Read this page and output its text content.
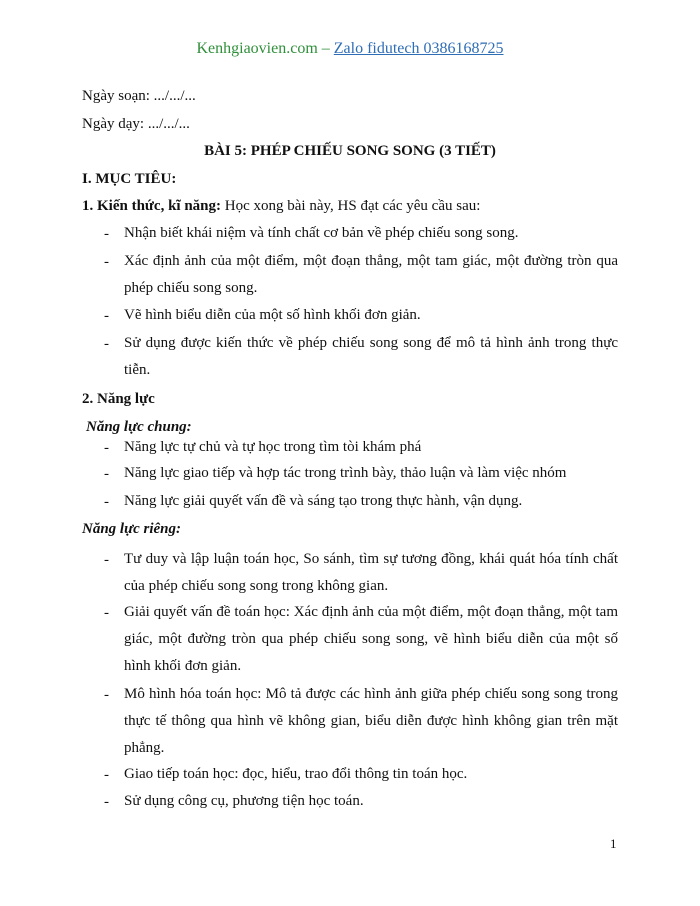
Kenhgiaovien.com – Zalo fidutech 0386168725
Ngày soạn: .../.../...
Ngày dạy: .../.../...
BÀI 5: PHÉP CHIẾU SONG SONG (3 TIẾT)
I. MỤC TIÊU:
1. Kiến thức, kĩ năng: Học xong bài này, HS đạt các yêu cầu sau:
- Nhận biết khái niệm và tính chất cơ bản về phép chiếu song song.
- Xác định ảnh của một điểm, một đoạn thẳng, một tam giác, một đường tròn qua phép chiếu song song.
- Vẽ hình biểu diễn của một số hình khối đơn giản.
- Sử dụng được kiến thức về phép chiếu song song để mô tả hình ảnh trong thực tiễn.
2. Năng lực
Năng lực chung:
- Năng lực tự chủ và tự học trong tìm tòi khám phá
- Năng lực giao tiếp và hợp tác trong trình bày, thảo luận và làm việc nhóm
- Năng lực giải quyết vấn đề và sáng tạo trong thực hành, vận dụng.
Năng lực riêng:
- Tư duy và lập luận toán học, So sánh, tìm sự tương đồng, khái quát hóa tính chất của phép chiếu song song trong không gian.
- Giải quyết vấn đề toán học: Xác định ảnh của một điểm, một đoạn thẳng, một tam giác, một đường tròn qua phép chiếu song song, vẽ hình biểu diễn của một số hình khối đơn giản.
- Mô hình hóa toán học: Mô tả được các hình ảnh giữa phép chiếu song song trong thực tế thông qua hình vẽ không gian, biểu diễn được hình không gian trên mặt phẳng.
- Giao tiếp toán học: đọc, hiểu, trao đổi thông tin toán học.
- Sử dụng công cụ, phương tiện học toán.
1
